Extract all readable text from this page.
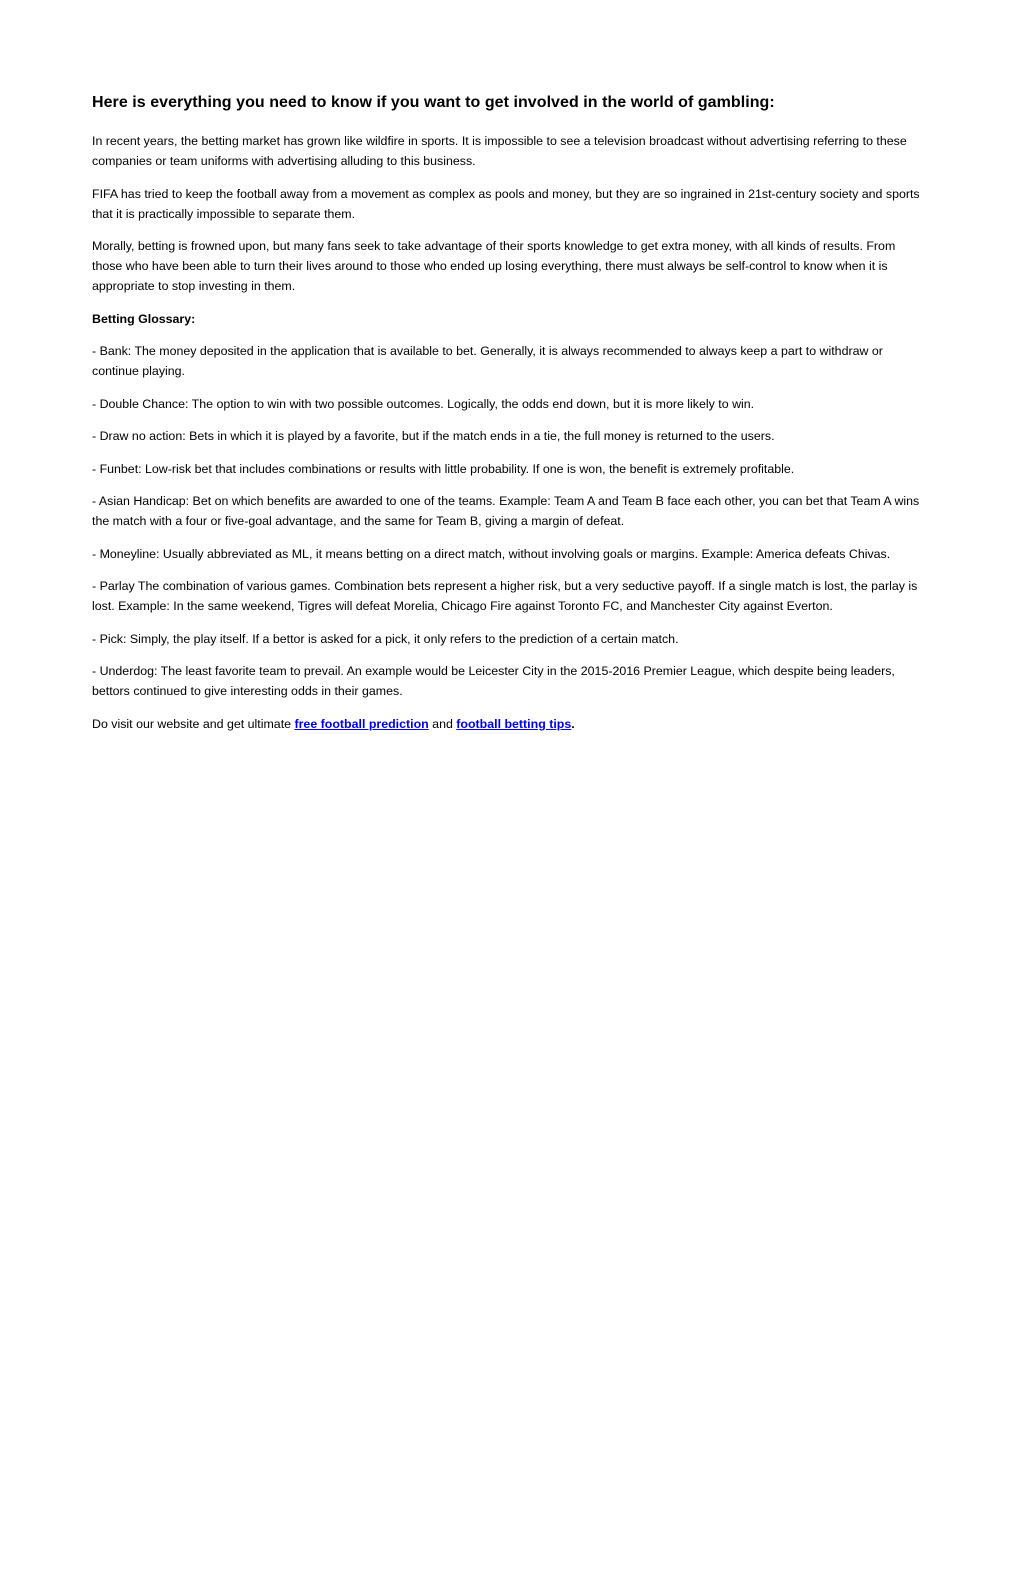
Here is everything you need to know if you want to get involved in the world of gambling:

In recent years, the betting market has grown like wildfire in sports. It is impossible to see a television broadcast without advertising referring to these companies or team uniforms with advertising alluding to this business.

FIFA has tried to keep the football away from a movement as complex as pools and money, but they are so ingrained in 21st-century society and sports that it is practically impossible to separate them.

Morally, betting is frowned upon, but many fans seek to take advantage of their sports knowledge to get extra money, with all kinds of results. From those who have been able to turn their lives around to those who ended up losing everything, there must always be self-control to know when it is appropriate to stop investing in them.

Betting Glossary:

- Bank: The money deposited in the application that is available to bet. Generally, it is always recommended to always keep a part to withdraw or continue playing.

- Double Chance: The option to win with two possible outcomes. Logically, the odds end down, but it is more likely to win.

- Draw no action: Bets in which it is played by a favorite, but if the match ends in a tie, the full money is returned to the users.

- Funbet: Low-risk bet that includes combinations or results with little probability. If one is won, the benefit is extremely profitable.

- Asian Handicap: Bet on which benefits are awarded to one of the teams. Example: Team A and Team B face each other, you can bet that Team A wins the match with a four or five-goal advantage, and the same for Team B, giving a margin of defeat.

- Moneyline: Usually abbreviated as ML, it means betting on a direct match, without involving goals or margins. Example: America defeats Chivas.

- Parlay The combination of various games. Combination bets represent a higher risk, but a very seductive payoff. If a single match is lost, the parlay is lost. Example: In the same weekend, Tigres will defeat Morelia, Chicago Fire against Toronto FC, and Manchester City against Everton.

- Pick: Simply, the play itself. If a bettor is asked for a pick, it only refers to the prediction of a certain match.

- Underdog: The least favorite team to prevail. An example would be Leicester City in the 2015-2016 Premier League, which despite being leaders, bettors continued to give interesting odds in their games.

Do visit our website and get ultimate free football prediction and football betting tips.
